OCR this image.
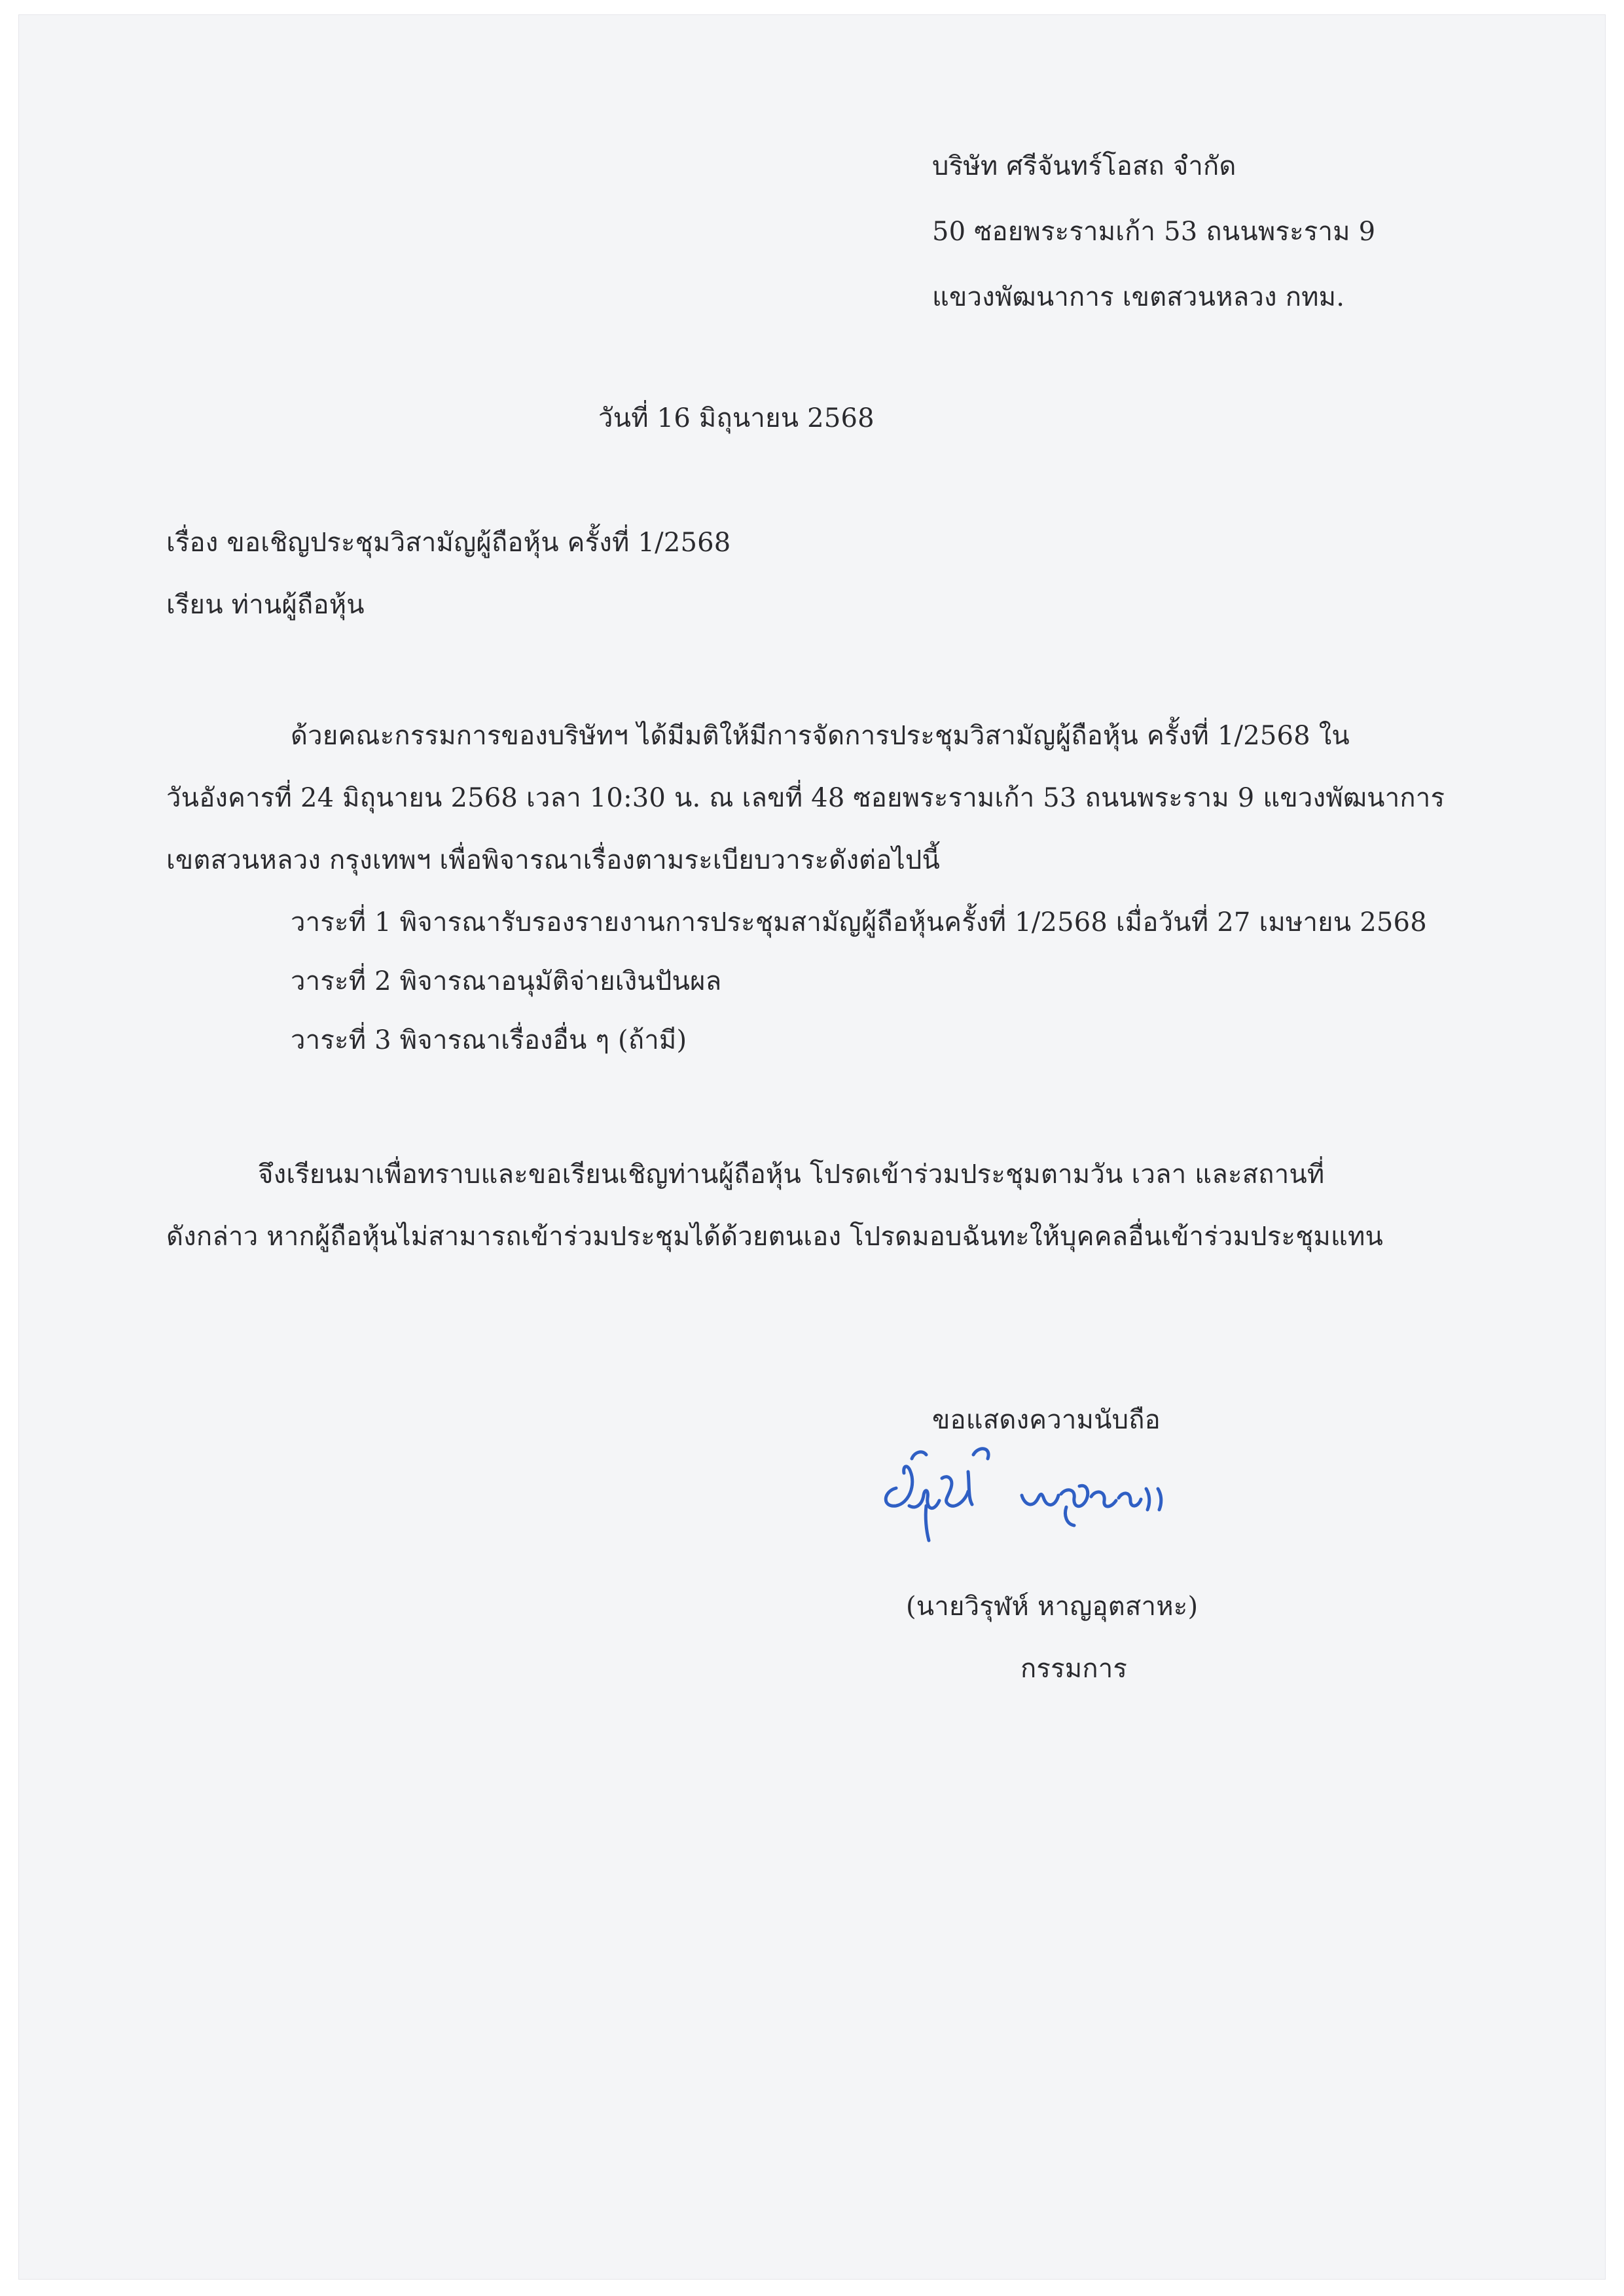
บริษัท ศรีจันทร์โอสถ จำกัด
50 ซอยพระรามเก้า 53 ถนนพระราม 9
แขวงพัฒนาการ เขตสวนหลวง กทม.
วันที่ 16 มิถุนายน 2568
เรื่อง ขอเชิญประชุมวิสามัญผู้ถือหุ้น ครั้งที่ 1/2568
เรียน ท่านผู้ถือหุ้น
ด้วยคณะกรรมการของบริษัทฯ ได้มีมติให้มีการจัดการประชุมวิสามัญผู้ถือหุ้น ครั้งที่ 1/2568 ใน
วันอังคารที่ 24 มิถุนายน 2568 เวลา 10:30 น. ณ เลขที่ 48 ซอยพระรามเก้า 53 ถนนพระราม 9 แขวงพัฒนาการ
เขตสวนหลวง กรุงเทพฯ เพื่อพิจารณาเรื่องตามระเบียบวาระดังต่อไปนี้
วาระที่ 1 พิจารณารับรองรายงานการประชุมสามัญผู้ถือหุ้นครั้งที่ 1/2568 เมื่อวันที่ 27 เมษายน 2568
วาระที่ 2 พิจารณาอนุมัติจ่ายเงินปันผล
วาระที่ 3 พิจารณาเรื่องอื่น ๆ (ถ้ามี)
จึงเรียนมาเพื่อทราบและขอเรียนเชิญท่านผู้ถือหุ้น โปรดเข้าร่วมประชุมตามวัน เวลา และสถานที่
ดังกล่าว หากผู้ถือหุ้นไม่สามารถเข้าร่วมประชุมได้ด้วยตนเอง โปรดมอบฉันทะให้บุคคลอื่นเข้าร่วมประชุมแทน
ขอแสดงความนับถือ
(นายวิรุฬห์ หาญอุตสาหะ)
กรรมการ
